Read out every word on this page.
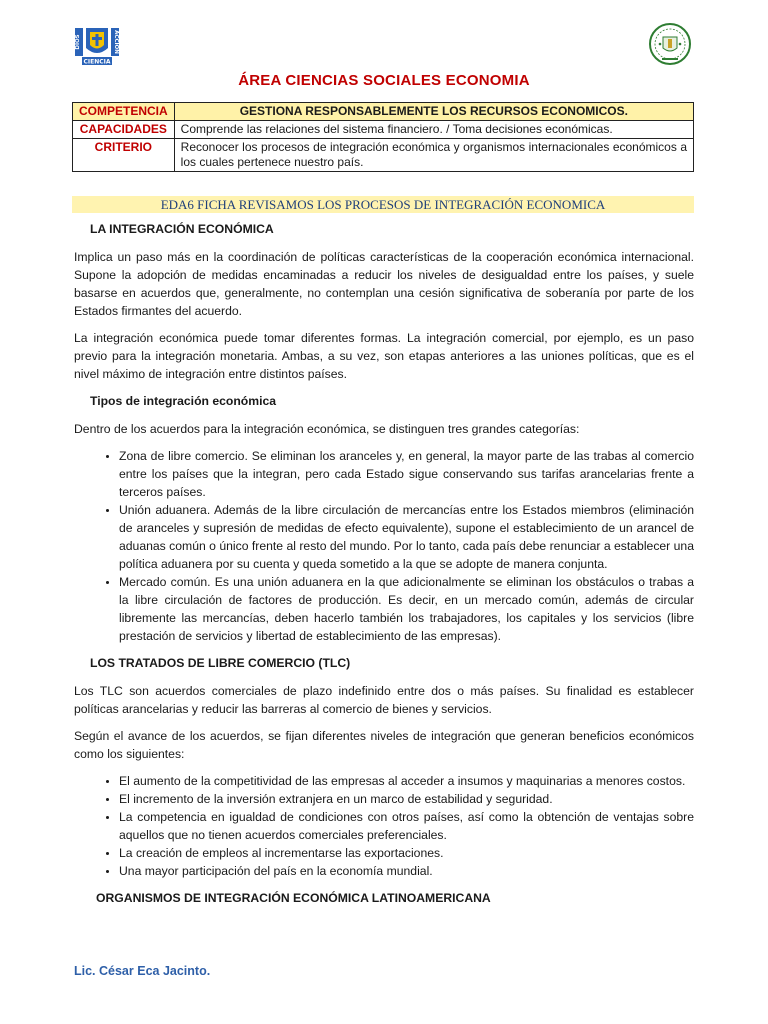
DIOS	ACCIÓN
CIENCIA
ÁREA CIENCIAS SOCIALES ECONOMIA
COMPETENCIA	GESTIONA RESPONSABLEMENTE LOS RECURSOS ECONOMICOS.
CAPACIDADES	Comprende las relaciones del sistema financiero. / Toma decisiones económicas.
CRITERIO	Reconocer los procesos de integración económica y organismos internacionales económicos a los cuales pertenece nuestro país.
EDA6 FICHA REVISAMOS LOS PROCESOS DE INTEGRACIÓN ECONOMICA
LA INTEGRACIÓN ECONÓMICA

Implica un paso más en la coordinación de políticas características de la cooperación económica internacional. Supone la adopción de medidas encaminadas a reducir los niveles de desigualdad entre los países, y suele basarse en acuerdos que, generalmente, no contemplan una cesión significativa de soberanía por parte de los Estados firmantes del acuerdo.

La integración económica puede tomar diferentes formas. La integración comercial, por ejemplo, es un paso previo para la integración monetaria. Ambas, a su vez, son etapas anteriores a las uniones políticas, que es el nivel máximo de integración entre distintos países.

Tipos de integración económica

Dentro de los acuerdos para la integración económica, se distinguen tres grandes categorías:

• Zona de libre comercio. Se eliminan los aranceles y, en general, la mayor parte de las trabas al comercio entre los países que la integran, pero cada Estado sigue conservando sus tarifas arancelarias frente a terceros países.
• Unión aduanera. Además de la libre circulación de mercancías entre los Estados miembros (eliminación de aranceles y supresión de medidas de efecto equivalente), supone el establecimiento de un arancel de aduanas común o único frente al resto del mundo. Por lo tanto, cada país debe renunciar a establecer una política aduanera por su cuenta y queda sometido a la que se adopte de manera conjunta.
• Mercado común. Es una unión aduanera en la que adicionalmente se eliminan los obstáculos o trabas a la libre circulación de factores de producción. Es decir, en un mercado común, además de circular libremente las mercancías, deben hacerlo también los trabajadores, los capitales y los servicios (libre prestación de servicios y libertad de establecimiento de las empresas).
LOS TRATADOS DE LIBRE COMERCIO (TLC)

Los TLC son acuerdos comerciales de plazo indefinido entre dos o más países. Su finalidad es establecer políticas arancelarias y reducir las barreras al comercio de bienes y servicios.

Según el avance de los acuerdos, se fijan diferentes niveles de integración que generan beneficios económicos como los siguientes:

• El aumento de la competitividad de las empresas al acceder a insumos y maquinarias a menores costos.
• El incremento de la inversión extranjera en un marco de estabilidad y seguridad.
• La competencia en igualdad de condiciones con otros países, así como la obtención de ventajas sobre aquellos que no tienen acuerdos comerciales preferenciales.
• La creación de empleos al incrementarse las exportaciones.
• Una mayor participación del país en la economía mundial.
ORGANISMOS DE INTEGRACIÓN ECONÓMICA LATINOAMERICANA
Lic. César Eca Jacinto.
